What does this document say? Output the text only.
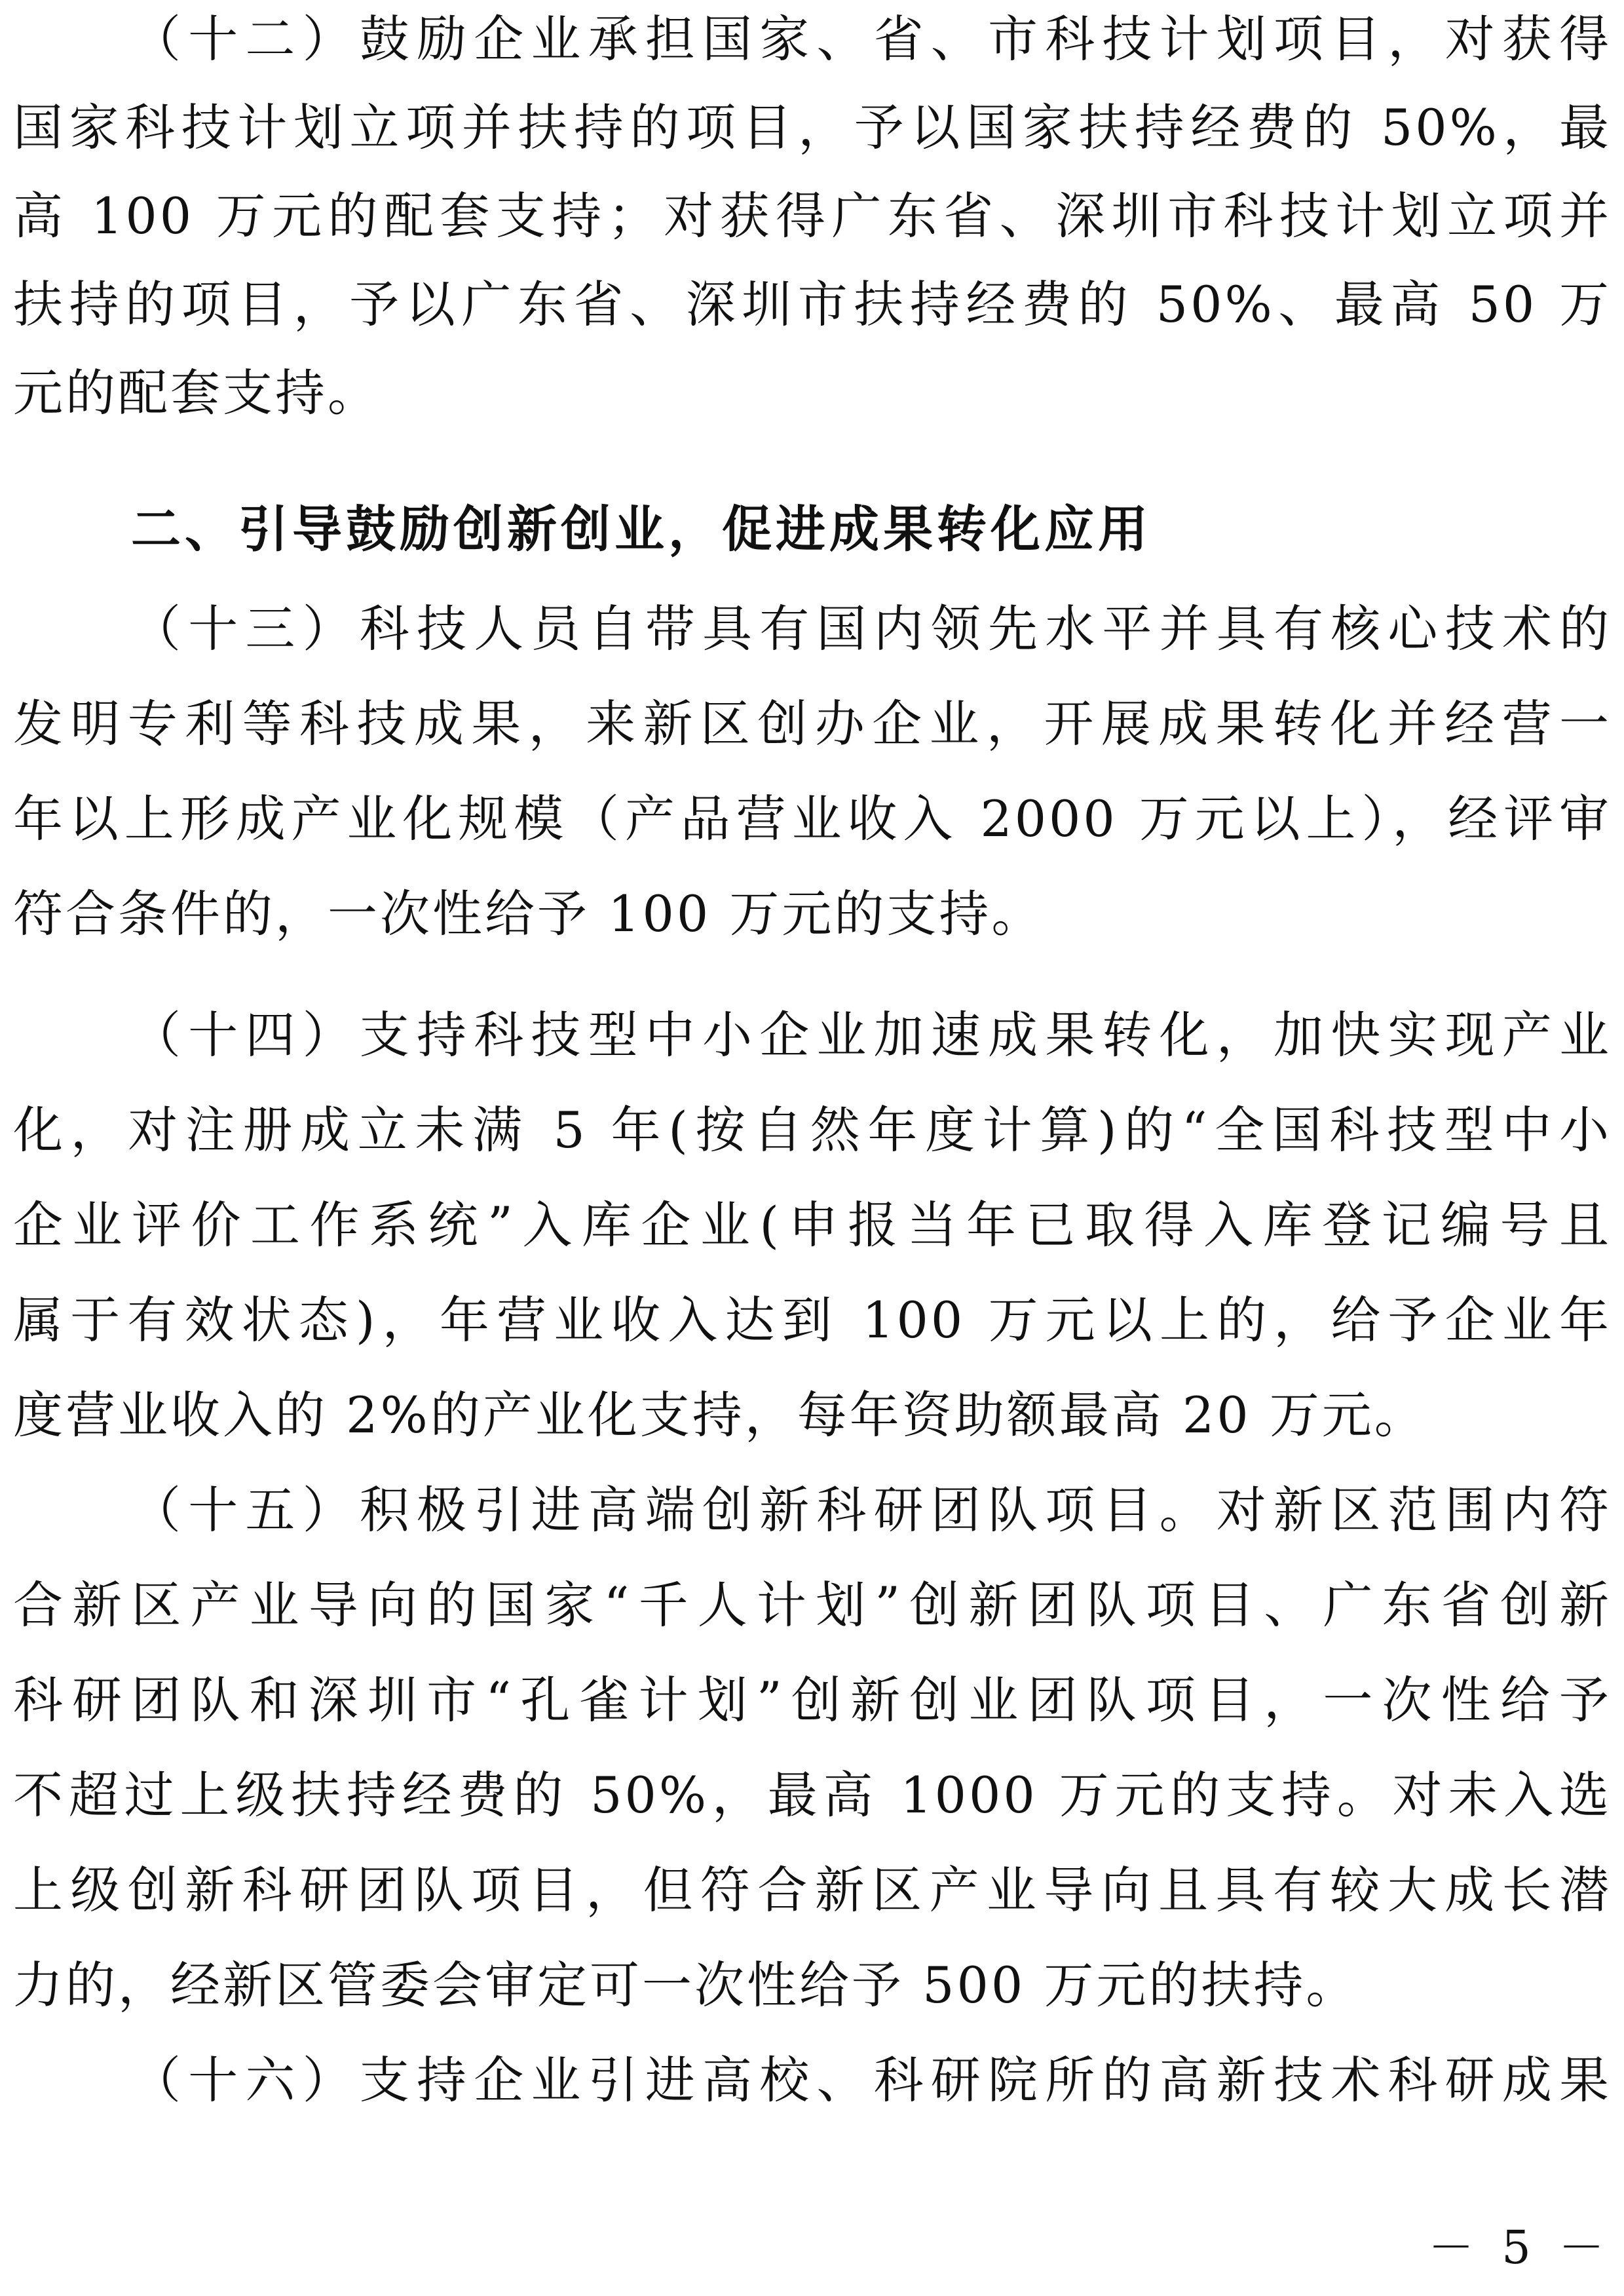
（十二）鼓励企业承担国家、省、市科技计划项目，对获得
国家科技计划立项并扶持的项目，予以国家扶持经费的 50%，最
高 100 万元的配套支持；对获得广东省、深圳市科技计划立项并
扶持的项目，予以广东省、深圳市扶持经费的 50%、最高 50 万
元的配套支持。
二、引导鼓励创新创业，促进成果转化应用
（十三）科技人员自带具有国内领先水平并具有核心技术的
发明专利等科技成果，来新区创办企业，开展成果转化并经营一
年以上形成产业化规模（产品营业收入 2000 万元以上），经评审
符合条件的，一次性给予 100 万元的支持。
（十四）支持科技型中小企业加速成果转化，加快实现产业
化，对注册成立未满 5 年(按自然年度计算)的“全国科技型中小
企业评价工作系统”入库企业(申报当年已取得入库登记编号且
属于有效状态)，年营业收入达到 100 万元以上的，给予企业年
度营业收入的 2%的产业化支持，每年资助额最高 20 万元。
（十五）积极引进高端创新科研团队项目。对新区范围内符
合新区产业导向的国家“千人计划”创新团队项目、广东省创新
科研团队和深圳市“孔雀计划”创新创业团队项目，一次性给予
不超过上级扶持经费的 50%，最高 1000 万元的支持。对未入选
上级创新科研团队项目，但符合新区产业导向且具有较大成长潜
力的，经新区管委会审定可一次性给予 500 万元的扶持。
（十六）支持企业引进高校、科研院所的高新技术科研成果
－ 5 －
